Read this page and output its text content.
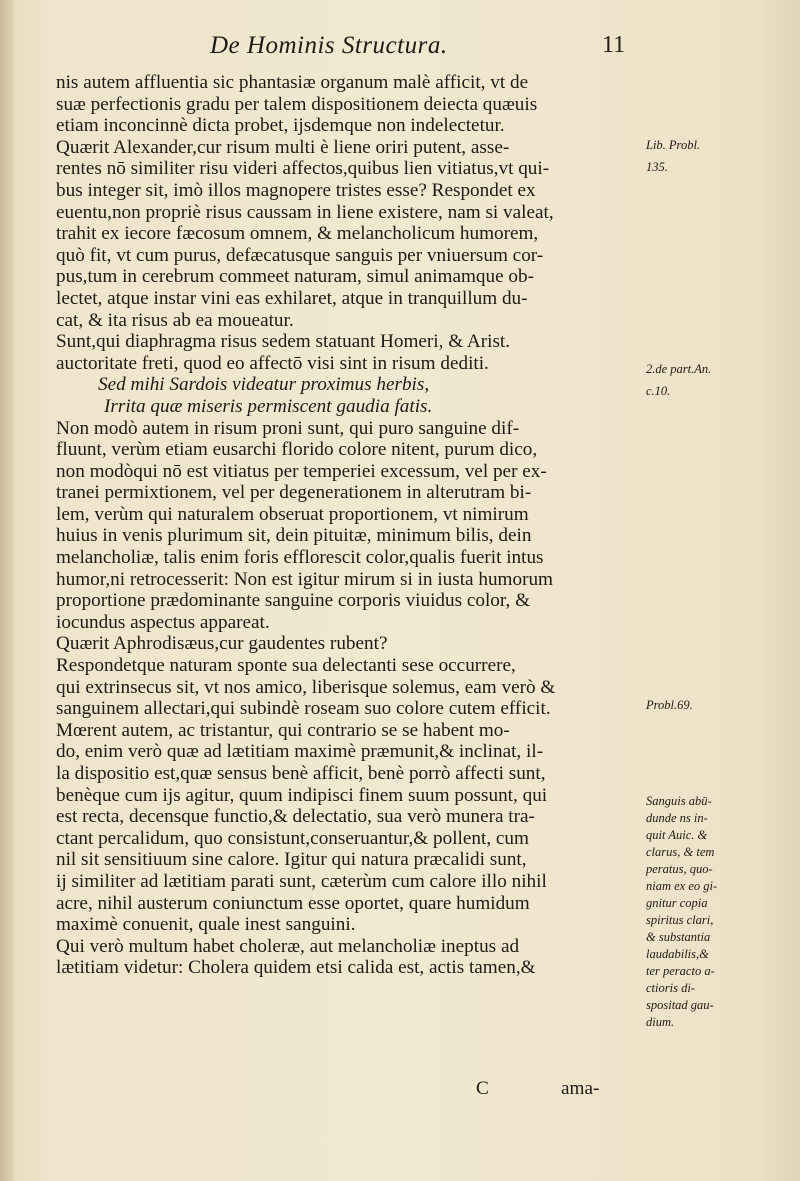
De Hominis Structura.	11
nis autem affluentia sic phantasiæ organum malè afficit, vt de
suæ perfectionis gradu per talem dispositionem deiecta quæuis
etiam inconcinnè dicta probet, ijsdemque non indelectetur.
Quærit Alexander,cur risum multi è liene oriri putent, asse-
rentes nō similiter risu videri affectos,quibus lien vitiatus,vt qui-
bus integer sit, imò illos magnopere tristes esse? Respondet ex
euentu,non propriè risus caussam in liene existere, nam si valeat,
trahit ex iecore fæcosum omnem, & melancholicum humorem,
quò fit, vt cum purus, defæcatusque sanguis per vniuersum cor-
pus,tum in cerebrum commeet naturam, simul animamque ob-
lectet, atque instar vini eas exhilaret, atque in tranquillum du-
cat, & ita risus ab ea moueatur.
Sunt,qui diaphragma risus sedem statuant Homeri, & Arist.
auctoritate freti, quod eo affectō visi sint in risum dediti.
Sed mihi Sardois videatur proximus herbis,
Irrita quæ miseris permiscent gaudia fatis.
Non modò autem in risum proni sunt, qui puro sanguine dif-
fluunt, verùm etiam eusarchi florido colore nitent, purum dico,
non modòqui nō est vitiatus per temperiei excessum, vel per ex-
tranei permixtionem, vel per degenerationem in alterutram bi-
lem, verùm qui naturalem obseruat proportionem, vt nimirum
huius in venis plurimum sit, dein pituitæ, minimum bilis, dein
melancholiæ, talis enim foris efflorescit color,qualis fuerit intus
humor,ni retrocesserit: Non est igitur mirum si in iusta humorum
proportione prædominante sanguine corporis viuidus color, &
iocundus aspectus appareat.
Quærit Aphrodisæus,cur gaudentes rubent?
Respondetque naturam sponte sua delectanti sese occurrere,
qui extrinsecus sit, vt nos amico, liberisque solemus, eam verò &
sanguinem allectari,qui subindè roseam suo colore cutem efficit.
Mœrent autem, ac tristantur, qui contrario se se habent mo-
do, enim verò quæ ad lætitiam maximè præmunit,& inclinat, il-
la dispositio est,quæ sensus benè afficit, benè porrò affecti sunt,
benèque cum ijs agitur, quum indipisci finem suum possunt, qui
est recta, decensque functio,& delectatio, sua verò munera tra-
ctant percalidum, quo consistunt,conseruantur,& pollent, cum
nil sit sensitiuum sine calore. Igitur qui natura præcalidi sunt,
ij similiter ad lætitiam parati sunt, cæterùm cum calore illo nihil
acre, nihil austerum coniunctum esse oportet, quare humidum
maximè conuenit, quale inest sanguini.
Qui verò multum habet choleræ, aut melancholiæ ineptus ad
lætitiam videtur: Cholera quidem etsi calida est, actis tamen,&
Lib. Probl.
135.
2.de part.An.
c.10.
Probl.69.
Sanguis abū-
dunde ns in-
quit Auic. &
clarus, & tem
peratus, quo-
niam ex eo gi-
gnitur copia
spiritus clari,
& substantia
laudabilis,&
ter peracto a-
ctioris di-
spositad gau-
dium.
C	ama-
